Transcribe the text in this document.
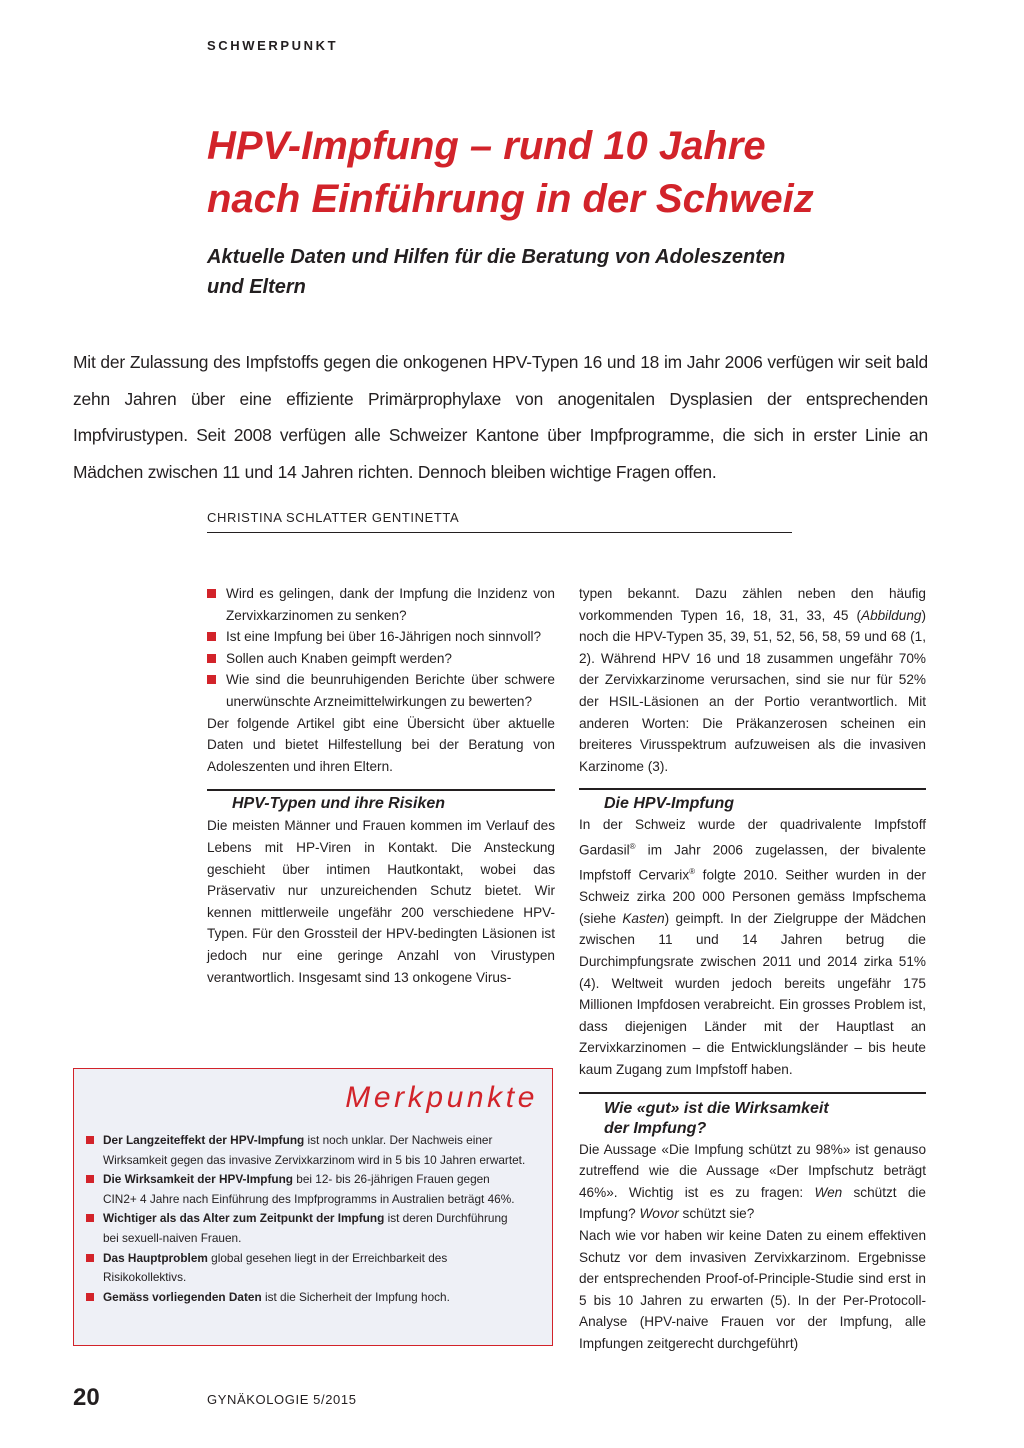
SCHWERPUNKT
HPV-Impfung – rund 10 Jahre
nach Einführung in der Schweiz
Aktuelle Daten und Hilfen für die Beratung von Adoleszenten
und Eltern

Mit der Zulassung des Impfstoffs gegen die onkogenen HPV-Typen 16 und 18 im Jahr 2006 verfügen wir seit bald zehn Jahren über eine effiziente Primärprophylaxe von anogenitalen Dysplasien der entsprechenden Impfvirustypen. Seit 2008 verfügen alle Schweizer Kantone über Impfprogramme, die sich in erster Linie an Mädchen zwischen 11 und 14 Jahren richten. Dennoch bleiben wichtige Fragen offen.

CHRISTINA SCHLATTER GENTINETTA
Wird es gelingen, dank der Impfung die Inzidenz von Zervixkarzinomen zu senken?
Ist eine Impfung bei über 16-Jährigen noch sinnvoll?
Sollen auch Knaben geimpft werden?
Wie sind die beunruhigenden Berichte über schwere unerwünschte Arzneimittelwirkungen zu bewerten?

Der folgende Artikel gibt eine Übersicht über aktuelle Daten und bietet Hilfestellung bei der Beratung von Adoleszenten und ihren Eltern.

HPV-Typen und ihre Risiken

Die meisten Männer und Frauen kommen im Verlauf des Lebens mit HP-Viren in Kontakt. Die Ansteckung geschieht über intimen Hautkontakt, wobei das Präservativ nur unzureichenden Schutz bietet. Wir kennen mittlerweile ungefähr 200 verschiedene HPV-Typen. Für den Grossteil der HPV-bedingten Läsionen ist jedoch nur eine geringe Anzahl von Virustypen verantwortlich. Insgesamt sind 13 onkogene Virus-

typen bekannt. Dazu zählen neben den häufig vorkommenden Typen 16, 18, 31, 33, 45 (Abbildung) noch die HPV-Typen 35, 39, 51, 52, 56, 58, 59 und 68 (1, 2). Während HPV 16 und 18 zusammen ungefähr 70% der Zervixkarzinome verursachen, sind sie nur für 52% der HSIL-Läsionen an der Portio verantwortlich. Mit anderen Worten: Die Präkanzerosen scheinen ein breiteres Virusspektrum aufzuweisen als die invasiven Karzinome (3).

Die HPV-Impfung

In der Schweiz wurde der quadrivalente Impfstoff Gardasil® im Jahr 2006 zugelassen, der bivalente Impfstoff Cervarix® folgte 2010. Seither wurden in der Schweiz zirka 200 000 Personen gemäss Impfschema (siehe Kasten) geimpft. In der Zielgruppe der Mädchen zwischen 11 und 14 Jahren betrug die Durchimpfungsrate zwischen 2011 und 2014 zirka 51% (4). Weltweit wurden jedoch bereits ungefähr 175 Millionen Impfdosen verabreicht. Ein grosses Problem ist, dass diejenigen Länder mit der Hauptlast an Zervixkarzinomen – die Entwicklungsländer – bis heute kaum Zugang zum Impfstoff haben.

Wie «gut» ist die Wirksamkeit
der Impfung?

Die Aussage «Die Impfung schützt zu 98%» ist genauso zutreffend wie die Aussage «Der Impfschutz beträgt 46%». Wichtig ist es zu fragen: Wen schützt die Impfung? Wovor schützt sie?

Nach wie vor haben wir keine Daten zu einem effektiven Schutz vor dem invasiven Zervixkarzinom. Ergebnisse der entsprechenden Proof-of-Principle-Studie sind erst in 5 bis 10 Jahren zu erwarten (5). In der Per-Protocoll-Analyse (HPV-naive Frauen vor der Impfung, alle Impfungen zeitgerecht durchgeführt)

Merkpunkte
Der Langzeiteffekt der HPV-Impfung ist noch unklar. Der Nachweis einer Wirksamkeit gegen das invasive Zervixkarzinom wird in 5 bis 10 Jahren erwartet.
Die Wirksamkeit der HPV-Impfung bei 12- bis 26-jährigen Frauen gegen CIN2+ 4 Jahre nach Einführung des Impfprogramms in Australien beträgt 46%.
Wichtiger als das Alter zum Zeitpunkt der Impfung ist deren Durchführung bei sexuell-naiven Frauen.
Das Hauptproblem global gesehen liegt in der Erreichbarkeit des Risikokollektivs.
Gemäss vorliegenden Daten ist die Sicherheit der Impfung hoch.
20	GYNÄKOLOGIE 5/2015
